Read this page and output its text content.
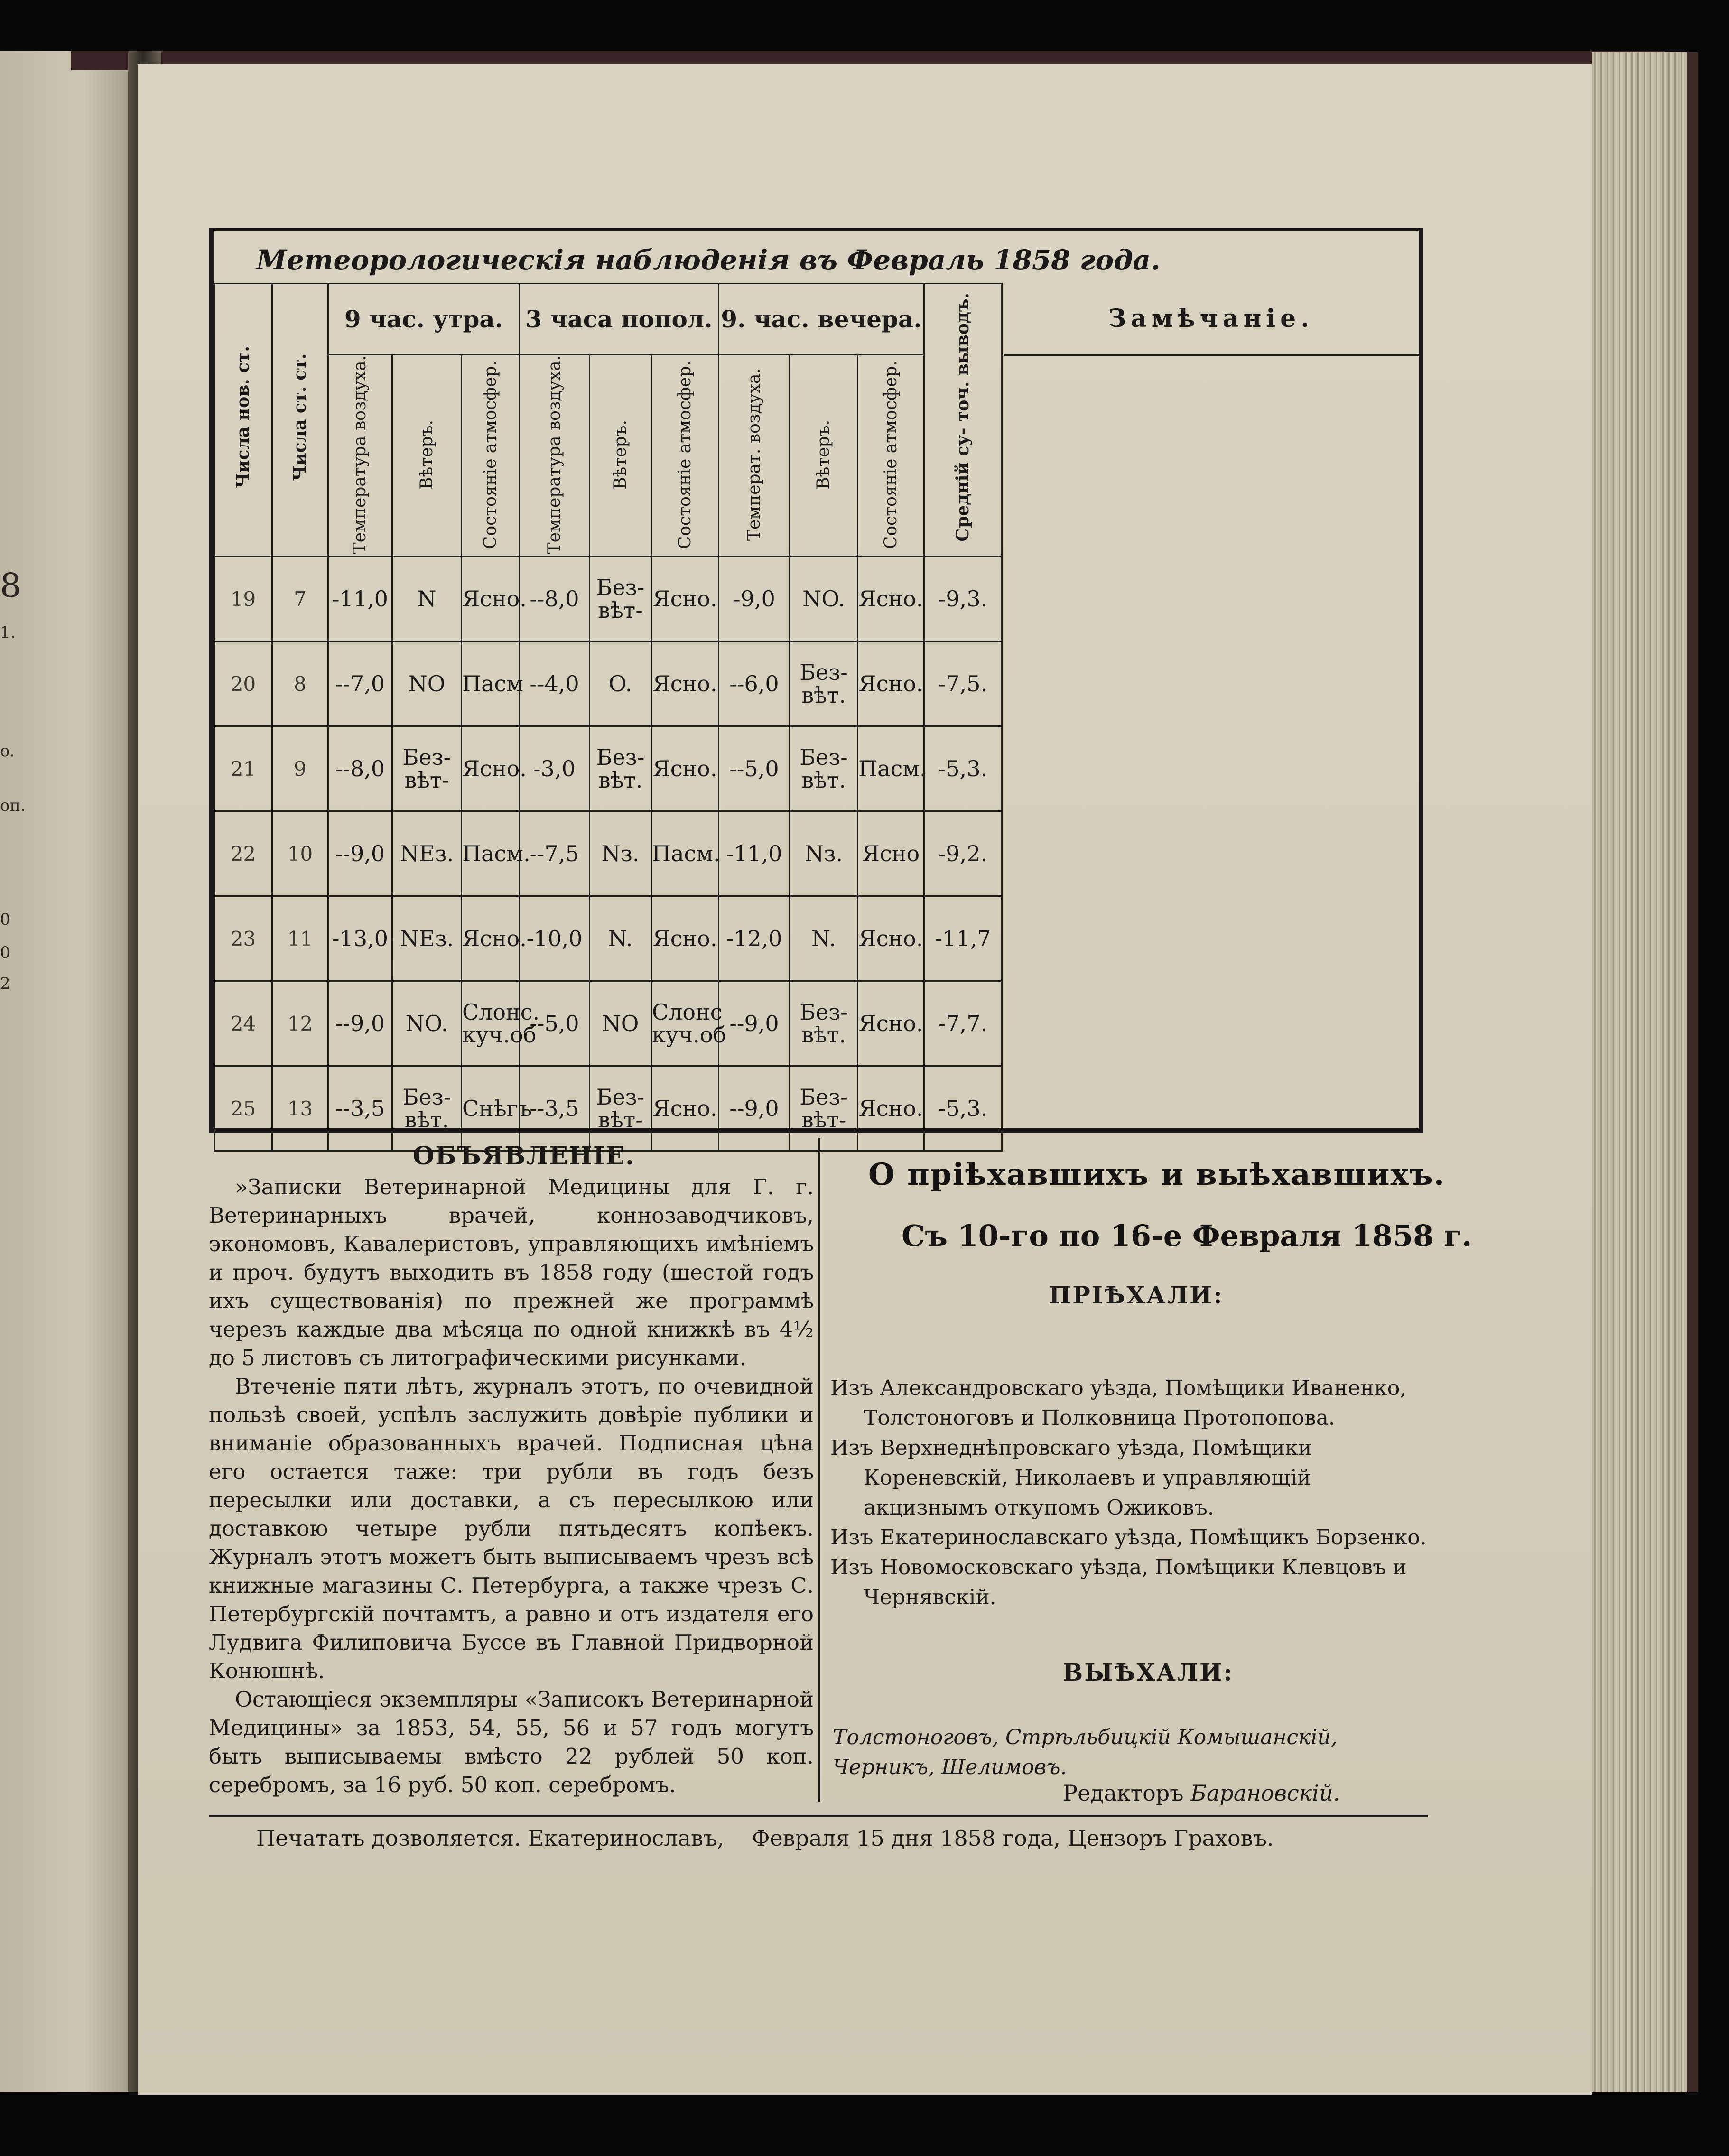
8
1.
o.
оп.
0
0
2
Метеорологическія наблюденія въ Февраль 1858 года.
Замѣчаніе.
Числа нов. ст.	Числа ст. ст.	9 час. утра.			3 часа попол.			9. час. вечера.			Средній су- точ. выводъ.
		Температура воздуха.	Вѣтеръ.	Состояніе атмосфер.	Температура воздуха.	Вѣтеръ.	Состояніе атмосфер.	Температ. воздуха.	Вѣтеръ.	Состояніе атмосфер.	
19	7	-11,0	N	Ясно.	--8,0	Без- вѣт-	Ясно.	-9,0	NO.	Ясно.	-9,3.
20	8	--7,0	NO	Пасм	--4,0	O.	Ясно.	--6,0	Без- вѣт.	Ясно.	-7,5.
21	9	--8,0	Без- вѣт-	Ясно.	-3,0	Без- вѣт.	Ясно.	--5,0	Без- вѣт.	Пасм.	-5,3.
22	10	--9,0	NEз.	Пасм.	--7,5	Nз.	Пасм.	-11,0	Nз.	Ясно	-9,2.
23	11	-13,0	NEз.	Ясно.	-10,0	N.	Ясно.	-12,0	N.	Ясно.	-11,7
24	12	--9,0	NO.	Слонс. куч.об	--5,0	NO	Слонс куч.об	--9,0	Без- вѣт.	Ясно.	-7,7.
25	13	--3,5	Без- вѣт.	Снѣгъ	--3,5	Без- вѣт-	Ясно.	--9,0	Без- вѣт-	Ясно.	-5,3.
ОБЪЯВЛЕНІЕ.

»Записки Ветеринарной Медицины для Г. г. Ветеринарныхъ врачей, коннозаводчиковъ, экономовъ, Кавалеристовъ, управляющихъ имѣніемъ и проч. будутъ выходить въ 1858 году (шестой годъ ихъ существованія) по прежней же программѣ черезъ каждые два мѣсяца по одной книжкѣ въ 4½ до 5 листовъ съ литографическими рисунками.

Втеченіе пяти лѣтъ, журналъ этотъ, по очевидной пользѣ своей, успѣлъ заслужить довѣріе публики и вниманіе образованныхъ врачей. Подписная цѣна его остается таже: три рубли въ годъ безъ пересылки или доставки, а съ пересылкою или доставкою четыре рубли пятьдесятъ копѣекъ. Журналъ этотъ можетъ быть выписываемъ чрезъ всѣ книжные магазины С. Петербурга, а также чрезъ С. Петербургскій почтамтъ, а равно и отъ издателя его Лудвига Филиповича Буссе въ Главной Придворной Конюшнѣ.

Остающіеся экземпляры «Записокъ Ветеринарной Медицины» за 1853, 54, 55, 56 и 57 годъ могутъ быть выписываемы вмѣсто 22 рублей 50 коп. серебромъ, за 16 руб. 50 коп. серебромъ.

О пріѣхавшихъ и выѣхавшихъ.
Съ 10-го по 16-е Февраля 1858 г.
ПРІѢХАЛИ:

Изъ Александровскаго уѣзда, Помѣщики Иваненко, Толстоноговъ и Полковница Протопопова.

Изъ Верхнеднѣпровскаго уѣзда, Помѣщики Кореневскій, Николаевъ и управляющій акцизнымъ откупомъ Ожиковъ.

Изъ Екатеринославскаго уѣзда, Помѣщикъ Борзенко.

Изъ Новомосковскаго уѣзда, Помѣщики Клевцовъ и Чернявскій.

ВЫѢХАЛИ:
Толстоноговъ, Стрѣльбицкій Комышанскій, Черникъ, Шелимовъ.
Редакторъ Барановскій.
Печатать дозволяется. Екатеринославъ,    Февраля 15 дня 1858 года, Цензоръ Граховъ.
